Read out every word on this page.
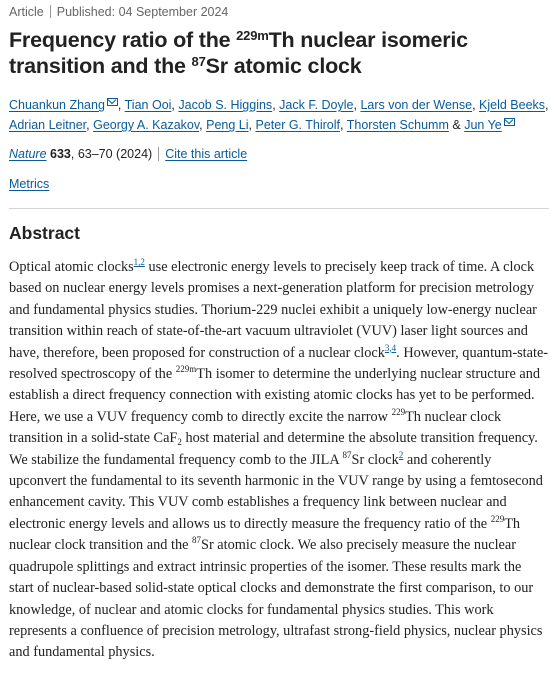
Article Published: 04 September 2024
Frequency ratio of the $^{229m}$Th nuclear isomeric transition and the $^{87}$Sr atomic clock
Chuankun Zhang , Tian Ooi, Jacob S. Higgins, Jack F. Doyle, Lars von der Wense, Kjeld Beeks, Adrian Leitner, Georgy A. Kazakov, Peng Li, Peter G. Thirolf, Thorsten Schumm & Jun Ye
Nature 633, 63–70 (2024) Cite this article
Metrics
Abstract

Optical atomic clocks$^{1,2}$ use electronic energy levels to precisely keep track of time. A clock based on nuclear energy levels promises a next-generation platform for precision metrology and fundamental physics studies. Thorium-229 nuclei exhibit a uniquely low-energy nuclear transition within reach of state-of-the-art vacuum ultraviolet (VUV) laser light sources and have, therefore, been proposed for construction of a nuclear clock$^{3,4}$. However, quantum-state-resolved spectroscopy of the $^{229m}$Th isomer to determine the underlying nuclear structure and establish a direct frequency connection with existing atomic clocks has yet to be performed. Here, we use a VUV frequency comb to directly excite the narrow $^{229}$Th nuclear clock transition in a solid-state CaF$_2$ host material and determine the absolute transition frequency. We stabilize the fundamental frequency comb to the JILA $^{87}$Sr clock$^2$ and coherently upconvert the fundamental to its seventh harmonic in the VUV range by using a femtosecond enhancement cavity. This VUV comb establishes a frequency link between nuclear and electronic energy levels and allows us to directly measure the frequency ratio of the $^{229}$Th nuclear clock transition and the $^{87}$Sr atomic clock. We also precisely measure the nuclear quadrupole splittings and extract intrinsic properties of the isomer. These results mark the start of nuclear-based solid-state optical clocks and demonstrate the first comparison, to our knowledge, of nuclear and atomic clocks for fundamental physics studies. This work represents a confluence of precision metrology, ultrafast strong-field physics, nuclear physics and fundamental physics.
